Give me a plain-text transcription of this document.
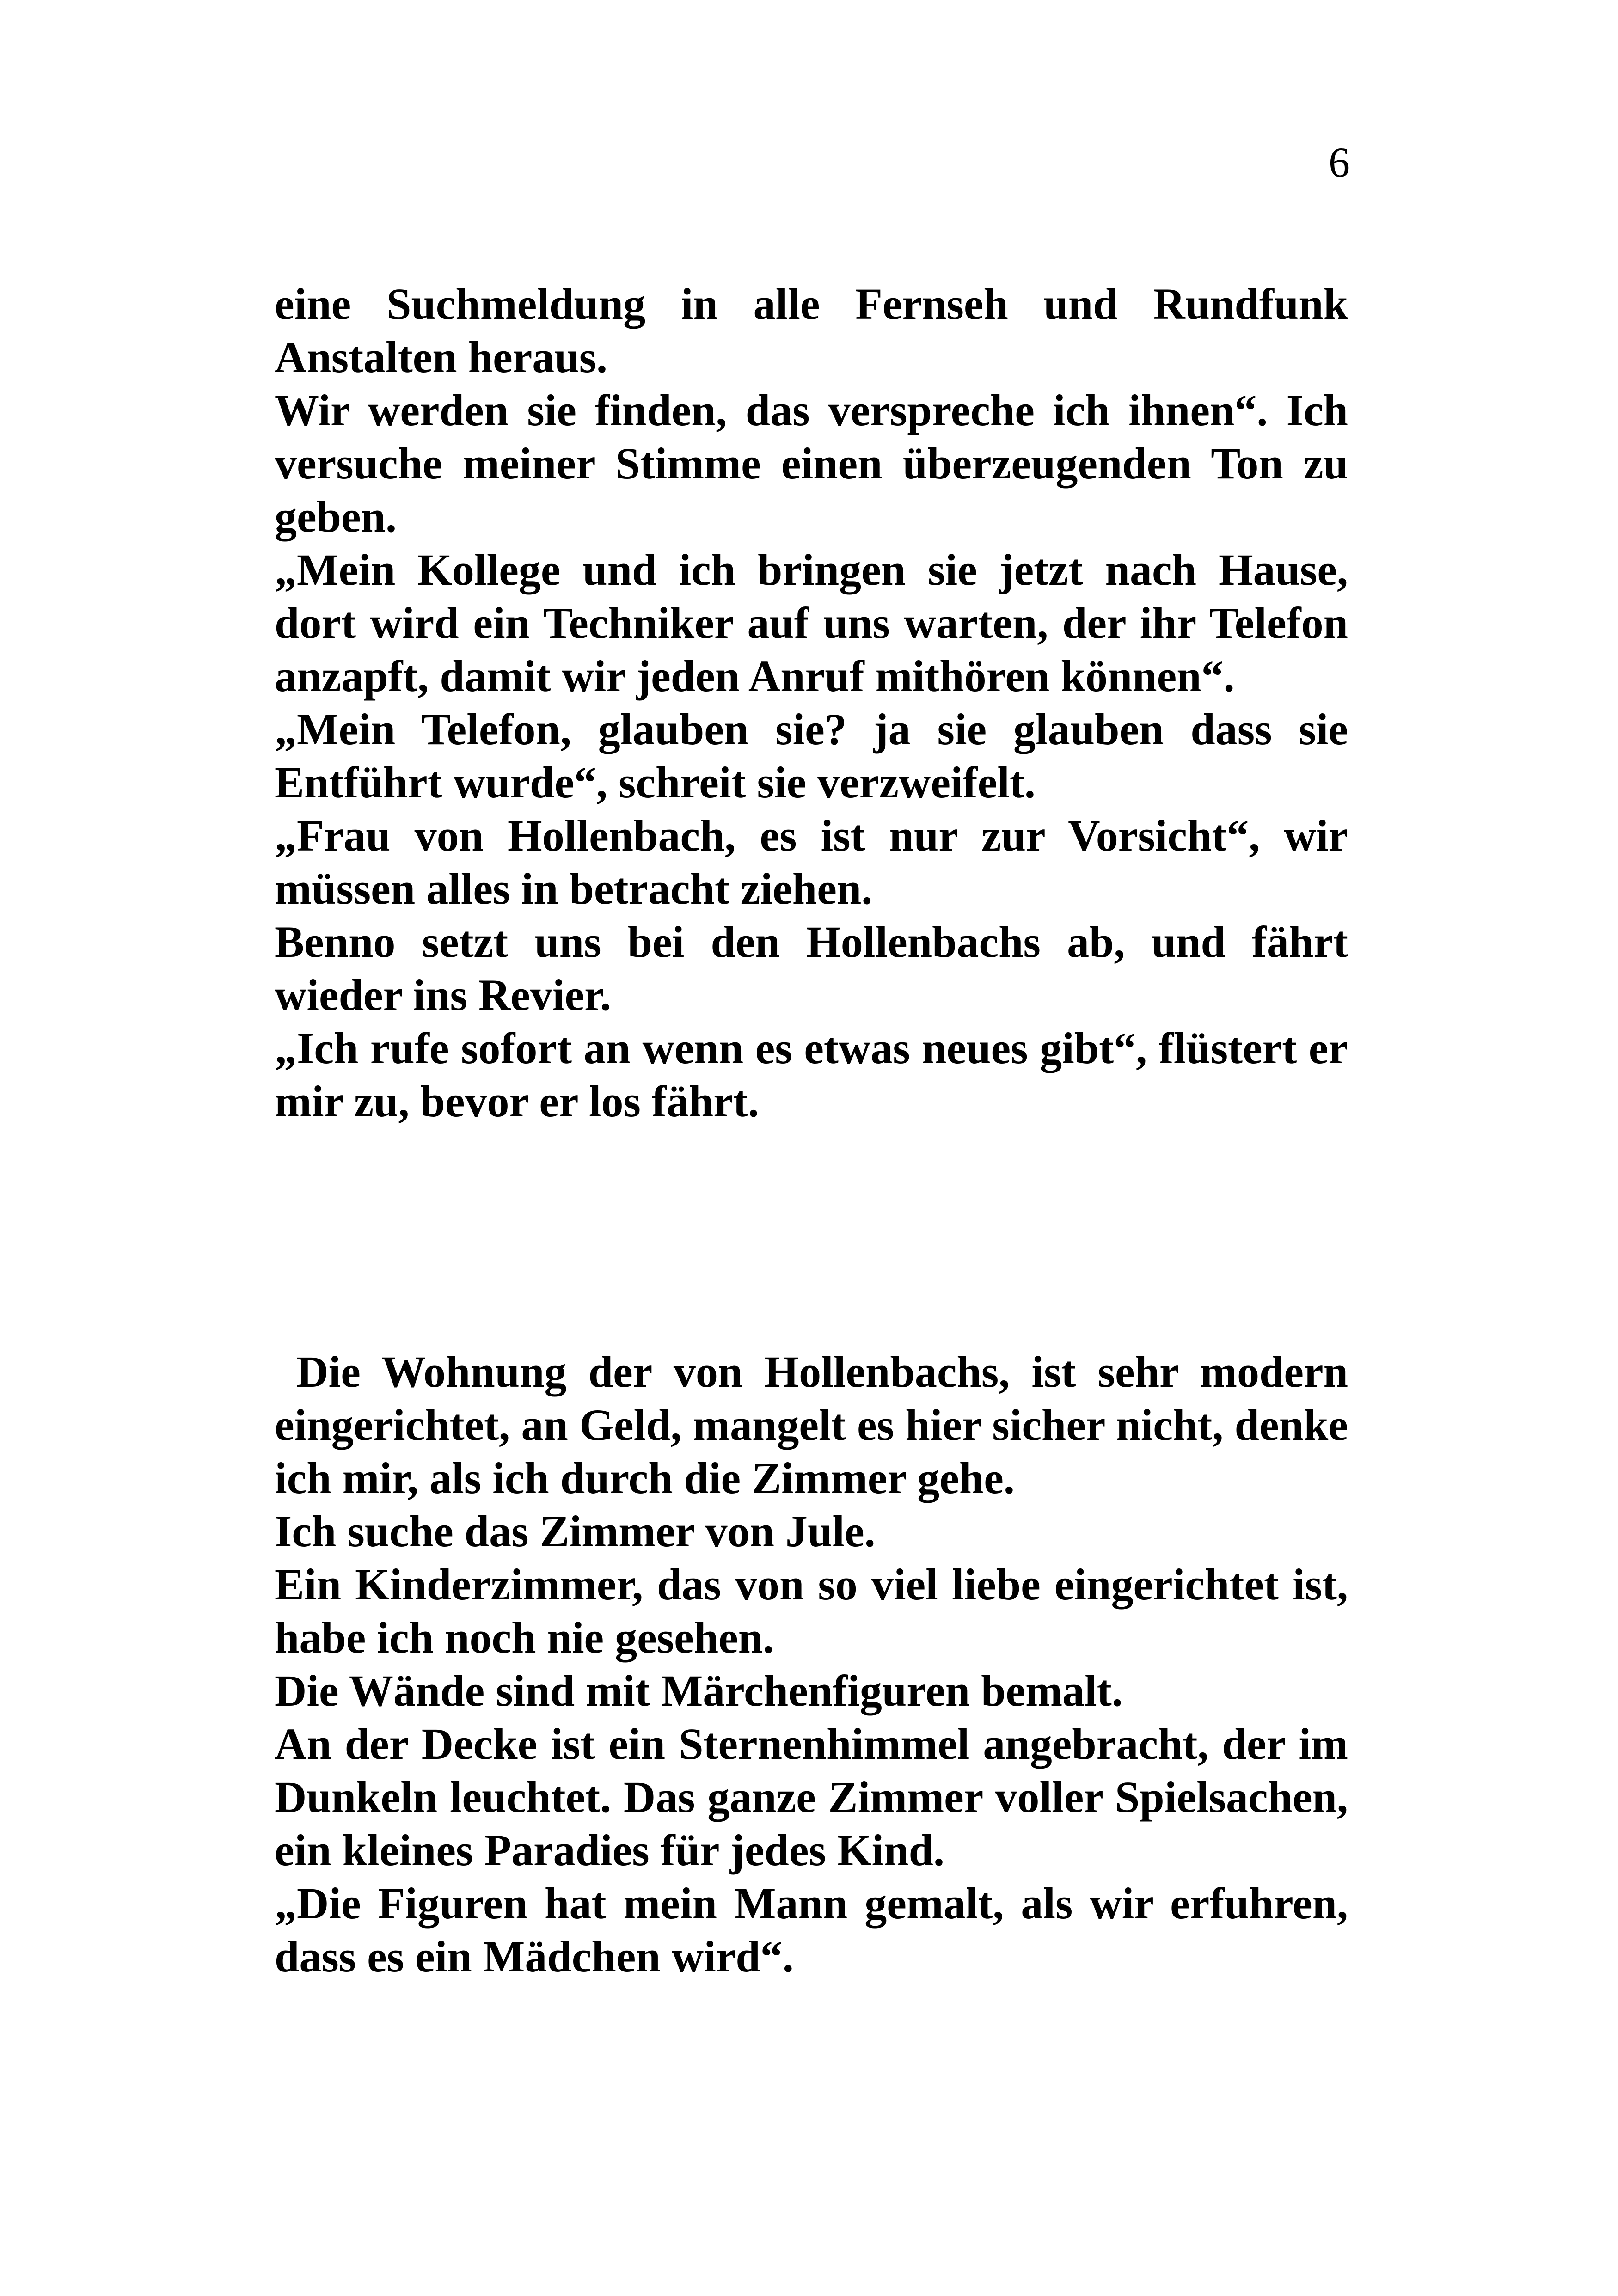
6

eine Suchmeldung in alle Fernseh und Rundfunk Anstalten heraus.

Wir werden sie finden, das verspreche ich ihnen“. Ich versuche meiner Stimme einen überzeugenden Ton zu geben.

„Mein Kollege und ich bringen sie jetzt nach Hause, dort wird ein Techniker auf uns warten, der ihr Telefon anzapft, damit wir jeden Anruf mithören können“.

„Mein Telefon, glauben sie? ja sie glauben dass sie Entführt wurde“, schreit sie verzweifelt.

„Frau von Hollenbach, es ist nur zur Vorsicht“, wir müssen alles in betracht ziehen.

Benno setzt uns bei den Hollenbachs ab, und fährt wieder ins Revier.

„Ich rufe sofort an wenn es etwas neues gibt“, flüstert er mir zu, bevor er los fährt.

Die Wohnung der von Hollenbachs, ist sehr modern eingerichtet, an Geld, mangelt es hier sicher nicht, denke ich mir, als ich durch die Zimmer gehe.

Ich suche das Zimmer von Jule.

Ein Kinderzimmer, das von so viel liebe eingerichtet ist, habe ich noch nie gesehen.

Die Wände sind mit Märchenfiguren bemalt.

An der Decke ist ein Sternenhimmel angebracht, der im Dunkeln leuchtet. Das ganze Zimmer voller Spielsachen, ein kleines Paradies für jedes Kind.

„Die Figuren hat mein Mann gemalt, als wir erfuhren, dass es ein Mädchen wird“.
